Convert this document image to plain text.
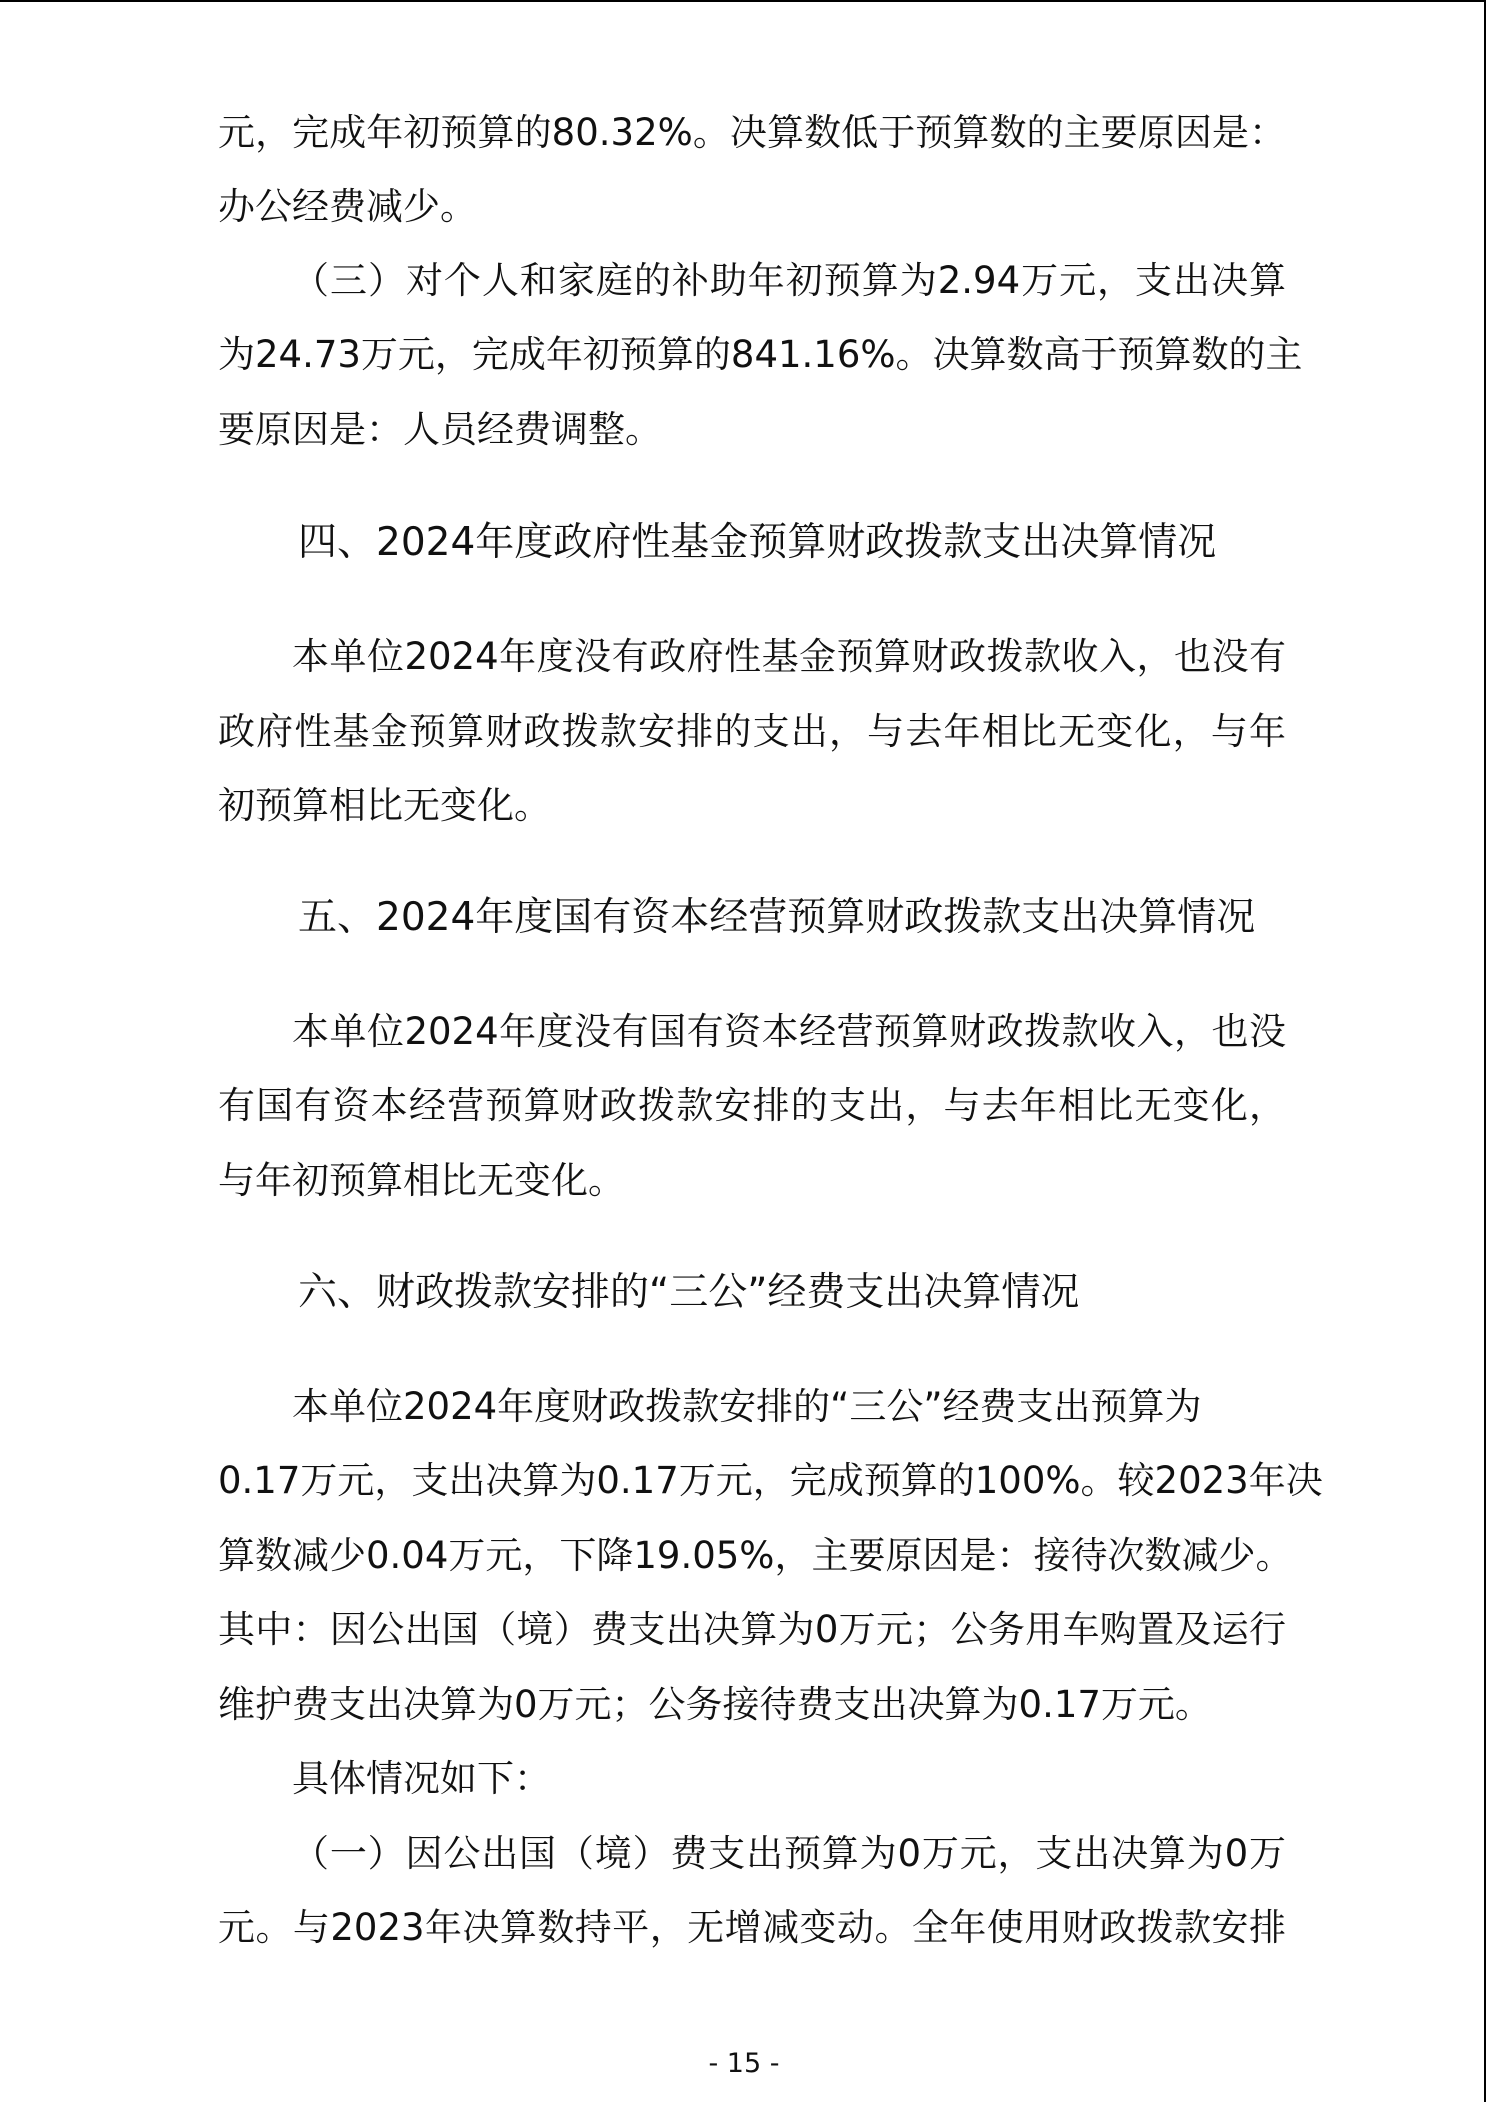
元，完成年初预算的80.32%。决算数低于预算数的主要原因是：
办公经费减少。
（三）对个人和家庭的补助年初预算为2.94万元，支出决算
为24.73万元，完成年初预算的841.16%。决算数高于预算数的主
要原因是：人员经费调整。
四、2024年度政府性基金预算财政拨款支出决算情况
本单位2024年度没有政府性基金预算财政拨款收入，也没有
政府性基金预算财政拨款安排的支出，与去年相比无变化，与年
初预算相比无变化。
五、2024年度国有资本经营预算财政拨款支出决算情况
本单位2024年度没有国有资本经营预算财政拨款收入，也没
有国有资本经营预算财政拨款安排的支出，与去年相比无变化，
与年初预算相比无变化。
六、财政拨款安排的“三公”经费支出决算情况
本单位2024年度财政拨款安排的“三公”经费支出预算为
0.17万元，支出决算为0.17万元，完成预算的100%。较2023年决
算数减少0.04万元，下降19.05%，主要原因是：接待次数减少。
其中：因公出国（境）费支出决算为0万元；公务用车购置及运行
维护费支出决算为0万元；公务接待费支出决算为0.17万元。
具体情况如下：
（一）因公出国（境）费支出预算为0万元，支出决算为0万
元。与2023年决算数持平，无增减变动。全年使用财政拨款安排
- 15 -
